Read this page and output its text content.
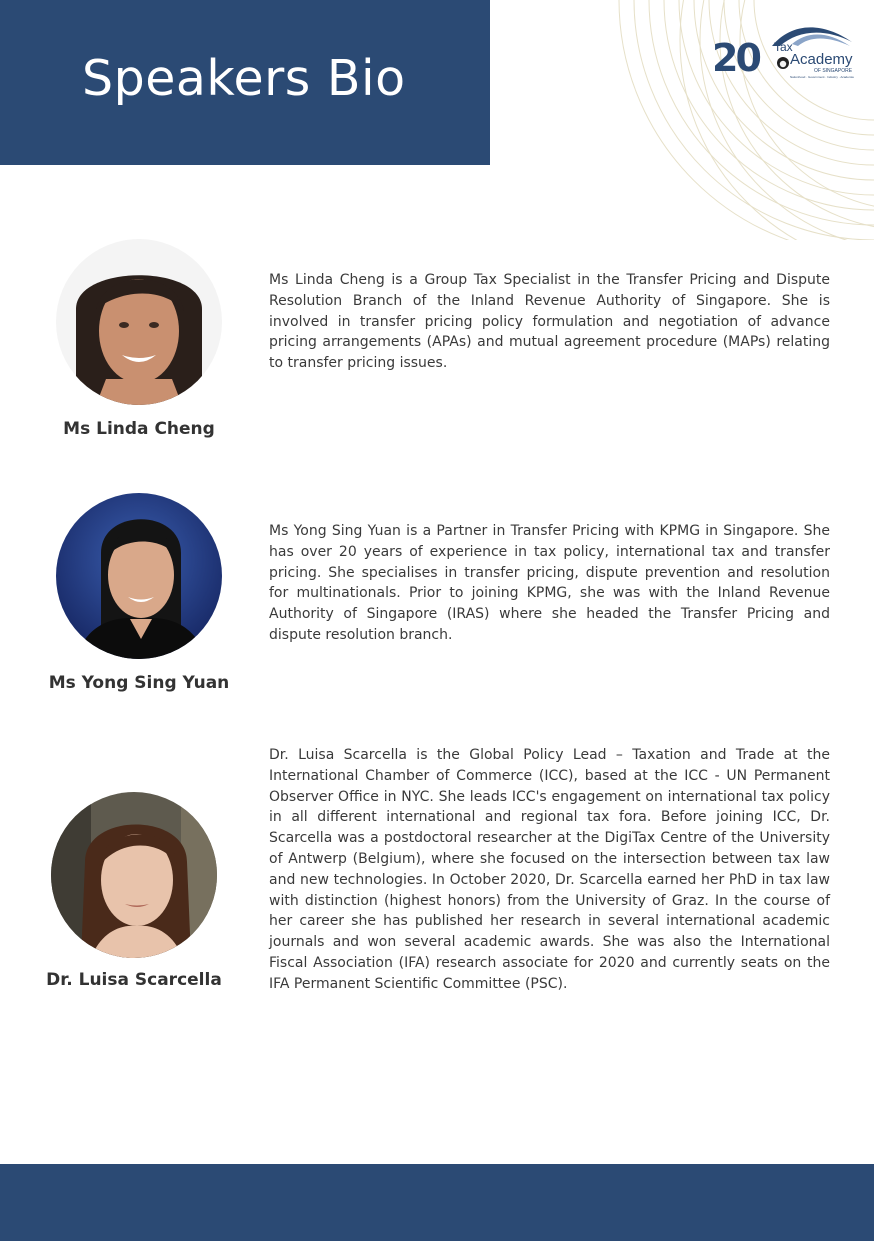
Speakers Bio	20 Tax
Academy
OF SINGAPORE
Nationhood · Government · Industry · Academia

Ms Linda Cheng

Ms Linda Cheng is a Group Tax Specialist in the Transfer Pricing and Dispute Resolution Branch of the Inland Revenue Authority of Singapore. She is involved in transfer pricing policy formulation and negotiation of advance pricing arrangements (APAs) and mutual agreement procedure (MAPs) relating to transfer pricing issues.

Ms Yong Sing Yuan

Ms Yong Sing Yuan is a Partner in Transfer Pricing with KPMG in Singapore. She has over 20 years of experience in tax policy, international tax and transfer pricing. She specialises in transfer pricing, dispute prevention and resolution for multinationals. Prior to joining KPMG, she was with the Inland Revenue Authority of Singapore (IRAS) where she headed the Transfer Pricing and dispute resolution branch.

Dr. Luisa Scarcella

Dr. Luisa Scarcella is the Global Policy Lead – Taxation and Trade at the International Chamber of Commerce (ICC), based at the ICC - UN Permanent Observer Office in NYC. She leads ICC's engagement on international tax policy in all different international and regional tax fora. Before joining ICC, Dr. Scarcella was a postdoctoral researcher at the DigiTax Centre of the University of Antwerp (Belgium), where she focused on the intersection between tax law and new technologies. In October 2020, Dr. Scarcella earned her PhD in tax law with distinction (highest honors) from the University of Graz. In the course of her career she has published her research in several international academic journals and won several academic awards. She was also the International Fiscal Association (IFA) research associate for 2020 and currently seats on the IFA Permanent Scientific Committee (PSC).
